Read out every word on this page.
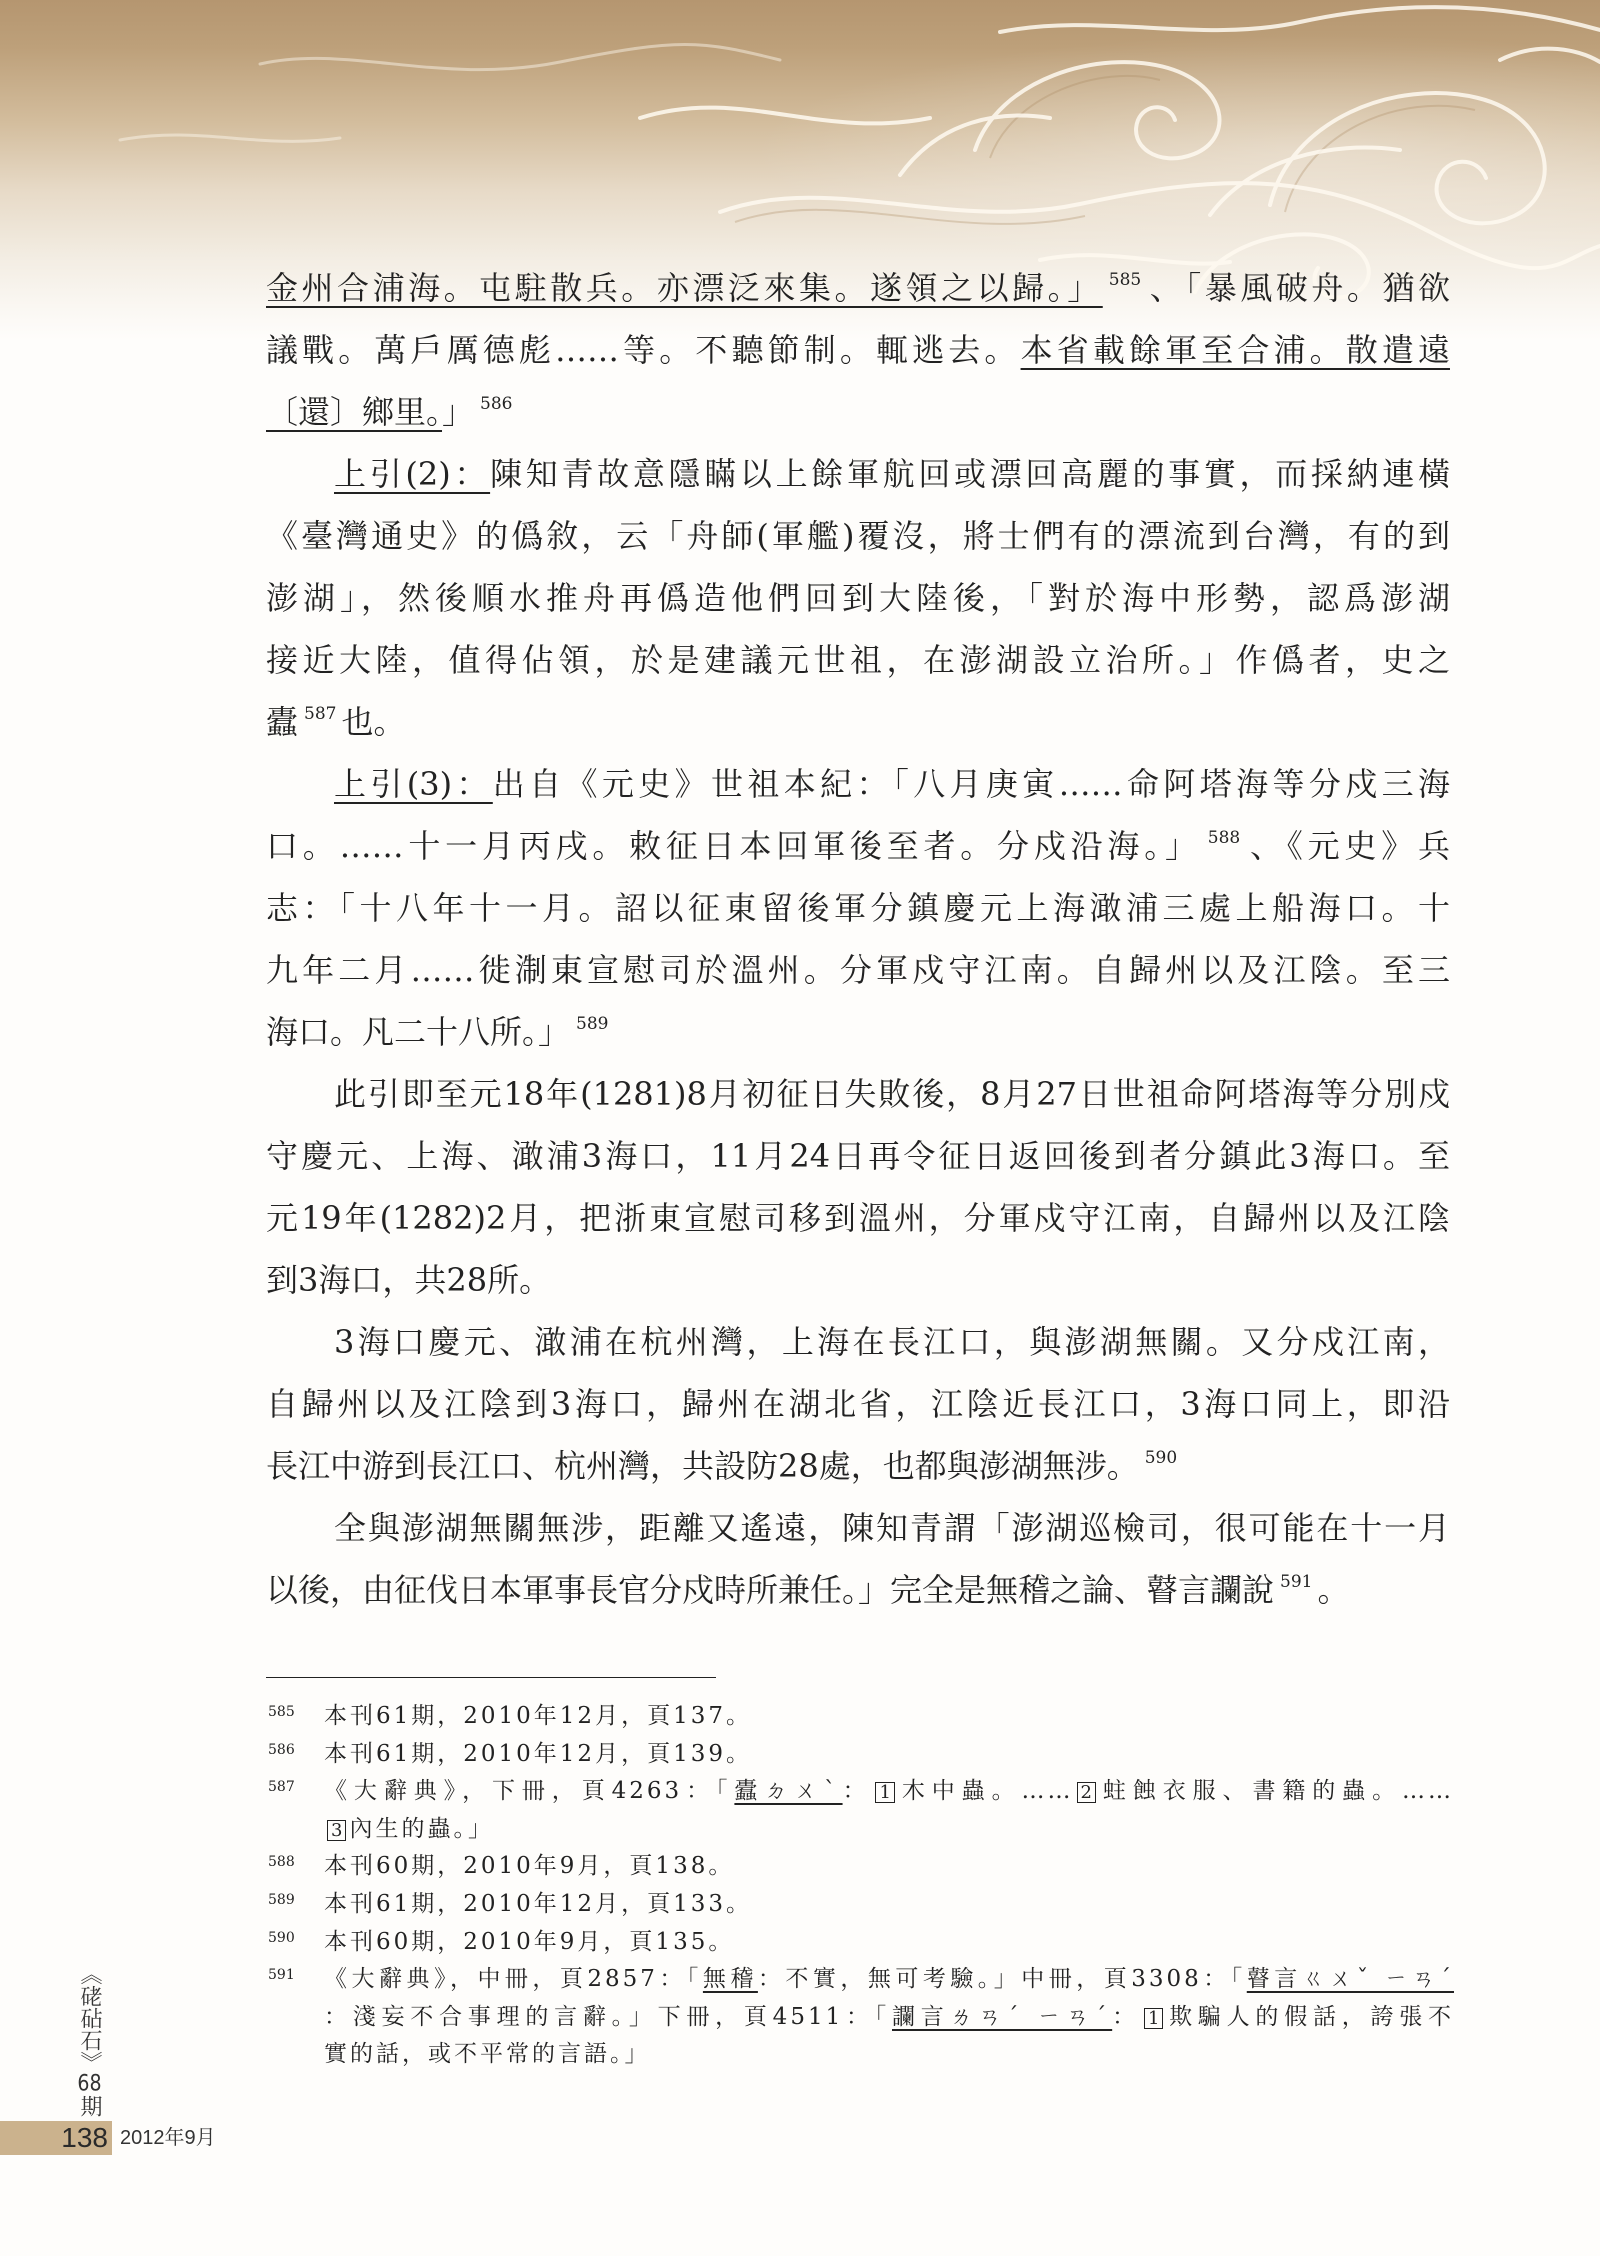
金州合浦海。屯駐散兵。亦漂泛來集。遂領之以歸。」 $^{585}$ 、「暴風破舟。猶欲
議戰。萬戶厲德彪……等。不聽節制。輒逃去。本省載餘軍至合浦。散遣遠
〔還〕鄉里。」 $^{586}$
上引(2)：陳知青故意隱瞞以上餘軍航回或漂回高麗的事實，而採納連橫
《臺灣通史》的僞敘，云「舟師(軍艦)覆沒，將士們有的漂流到台灣，有的到
澎湖」，然後順水推舟再僞造他們回到大陸後，「對於海中形勢，認爲澎湖
接近大陸，值得佔領，於是建議元世祖，在澎湖設立治所。」作僞者，史之
蠹 $^{587}$ 也。
上引(3)：出自《元史》世祖本紀：「八月庚寅……命阿塔海等分戍三海
口。……十一月丙戌。敕征日本回軍後至者。分戍沿海。」 $^{588}$ 、《元史》兵
志：「十八年十一月。詔以征東留後軍分鎮慶元上海澉浦三處上船海口。十
九年二月……徙淛東宣慰司於溫州。分軍戍守江南。自歸州以及江陰。至三
海口。凡二十八所。」 $^{589}$
此引即至元18年(1281)8月初征日失敗後，8月27日世祖命阿塔海等分別戍
守慶元、上海、澉浦3海口，11月24日再令征日返回後到者分鎮此3海口。至
元19年(1282)2月，把浙東宣慰司移到溫州，分軍戍守江南，自歸州以及江陰
到3海口，共28所。
3海口慶元、澉浦在杭州灣，上海在長江口，與澎湖無關。又分戍江南，
自歸州以及江陰到3海口，歸州在湖北省，江陰近長江口，3海口同上，即沿
長江中游到長江口、杭州灣，共設防28處，也都與澎湖無涉。 $^{590}$
全與澎湖無關無涉，距離又遙遠，陳知青謂「澎湖巡檢司，很可能在十一月
以後，由征伐日本軍事長官分戍時所兼任。」完全是無稽之論、瞽言讕說 $^{591}$ 。
585 本刊61期，2010年12月，頁137。
586 本刊61期，2010年12月，頁139。
587 《大辭典》，下冊，頁4263：「蠹ㄉㄨˋ： 1 木中蟲。…… 2 蛀蝕衣服、書籍的蟲。……
3 內生的蟲。」
588 本刊60期，2010年9月，頁138。
589 本刊61期，2010年12月，頁133。
590 本刊60期，2010年9月，頁135。
591 《大辭典》，中冊，頁2857：「無稽：不實，無可考驗。」中冊，頁3308：「瞽言ㄍㄨˇ ㄧㄢˊ
：淺妄不合事理的言辭。」下冊，頁4511：「讕言ㄌㄢˊ ㄧㄢˊ： 1 欺騙人的假話，誇張不
實的話，或不平常的言語。」
《硓砧石》68期
138 2012年9月
